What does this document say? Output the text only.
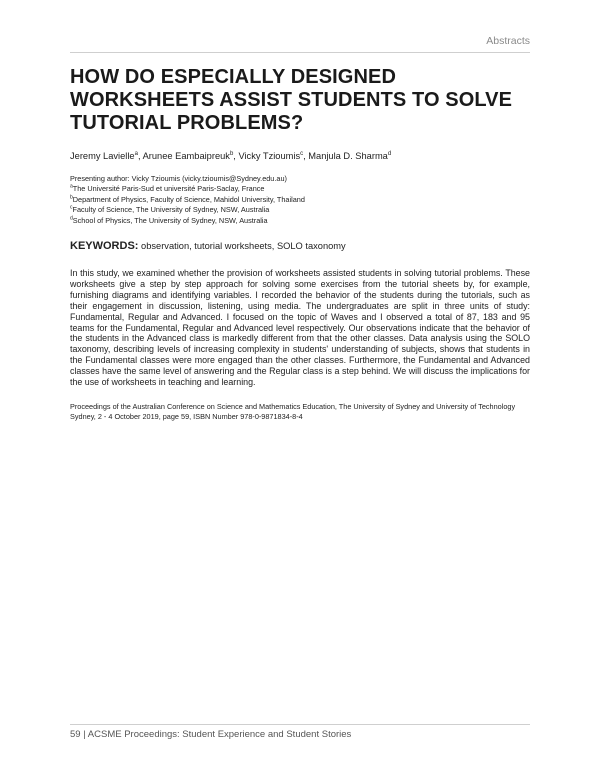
Abstracts
HOW DO ESPECIALLY DESIGNED WORKSHEETS ASSIST STUDENTS TO SOLVE TUTORIAL PROBLEMS?
Jeremy Lavielle$^a$, Arunee Eambaipreuk$^b$, Vicky Tzioumis$^c$, Manjula D. Sharma$^d$
Presenting author: Vicky Tzioumis (vicky.tzioumis@Sydney.edu.au)
$^a$The Université Paris-Sud et université Paris-Saclay, France
$^b$Department of Physics, Faculty of Science, Mahidol University, Thailand
$^c$Faculty of Science, The University of Sydney, NSW, Australia
$^d$School of Physics, The University of Sydney, NSW, Australia
KEYWORDS: observation, tutorial worksheets, SOLO taxonomy

In this study, we examined whether the provision of worksheets assisted students in solving tutorial problems. These worksheets give a step by step approach for solving some exercises from the tutorial sheets by, for example, furnishing diagrams and identifying variables. I recorded the behavior of the students during the tutorials, such as their engagement in discussion, listening, using media. The undergraduates are split in three units of study: Fundamental, Regular and Advanced. I focused on the topic of Waves and I observed a total of 87, 183 and 95 teams for the Fundamental, Regular and Advanced level respectively. Our observations indicate that the behavior of the students in the Advanced class is markedly different from that the other classes. Data analysis using the SOLO taxonomy, describing levels of increasing complexity in students' understanding of subjects, shows that students in the Fundamental classes were more engaged than the other classes. Furthermore, the Fundamental and Advanced classes have the same level of answering and the Regular class is a step behind. We will discuss the implications for the use of worksheets in teaching and learning.

Proceedings of the Australian Conference on Science and Mathematics Education, The University of Sydney and University of Technology Sydney, 2 - 4 October 2019, page 59, ISBN Number 978-0-9871834-8-4

59 | ACSME Proceedings: Student Experience and Student Stories
